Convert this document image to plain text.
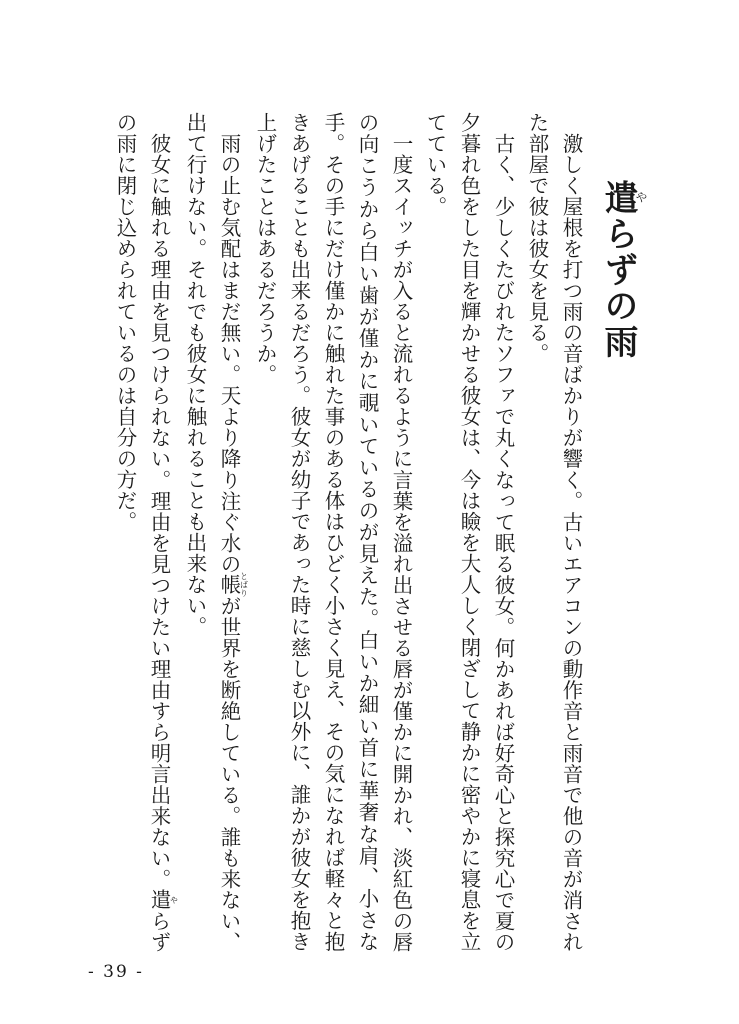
遣やらずの雨

激しく屋根を打つ雨の音ばかりが響く。古いエアコンの動作音と雨音で他の音が消された部屋で彼は彼女を見る。

古く、少しくたびれたソファで丸くなって眠る彼女。何かあれば好奇心と探究心で夏の夕暮れ色をした目を輝かせる彼女は、今は瞼を大人しく閉ざして静かに密やかに寝息を立てている。

一度スイッチが入ると流れるように言葉を溢れ出させる唇が僅かに開かれ、淡紅色の唇の向こうから白い歯が僅かに覗いているのが見えた。白いか細い首に華奢な肩、小さな手。その手にだけ僅かに触れた事のある体はひどく小さく見え、その気になれば軽々と抱きあげることも出来るだろう。彼女が幼子であった時に慈しむ以外に、誰かが彼女を抱き上げたことはあるだろうか。

雨の止む気配はまだ無い。天より降り注ぐ水の帳とばりが世界を断絶している。誰も来ない、出て行けない。それでも彼女に触れることも出来ない。

彼女に触れる理由を見つけられない。理由を見つけたい理由すら明言出来ない。遣やらずの雨に閉じ込められているのは自分の方だ。

- 39 -
